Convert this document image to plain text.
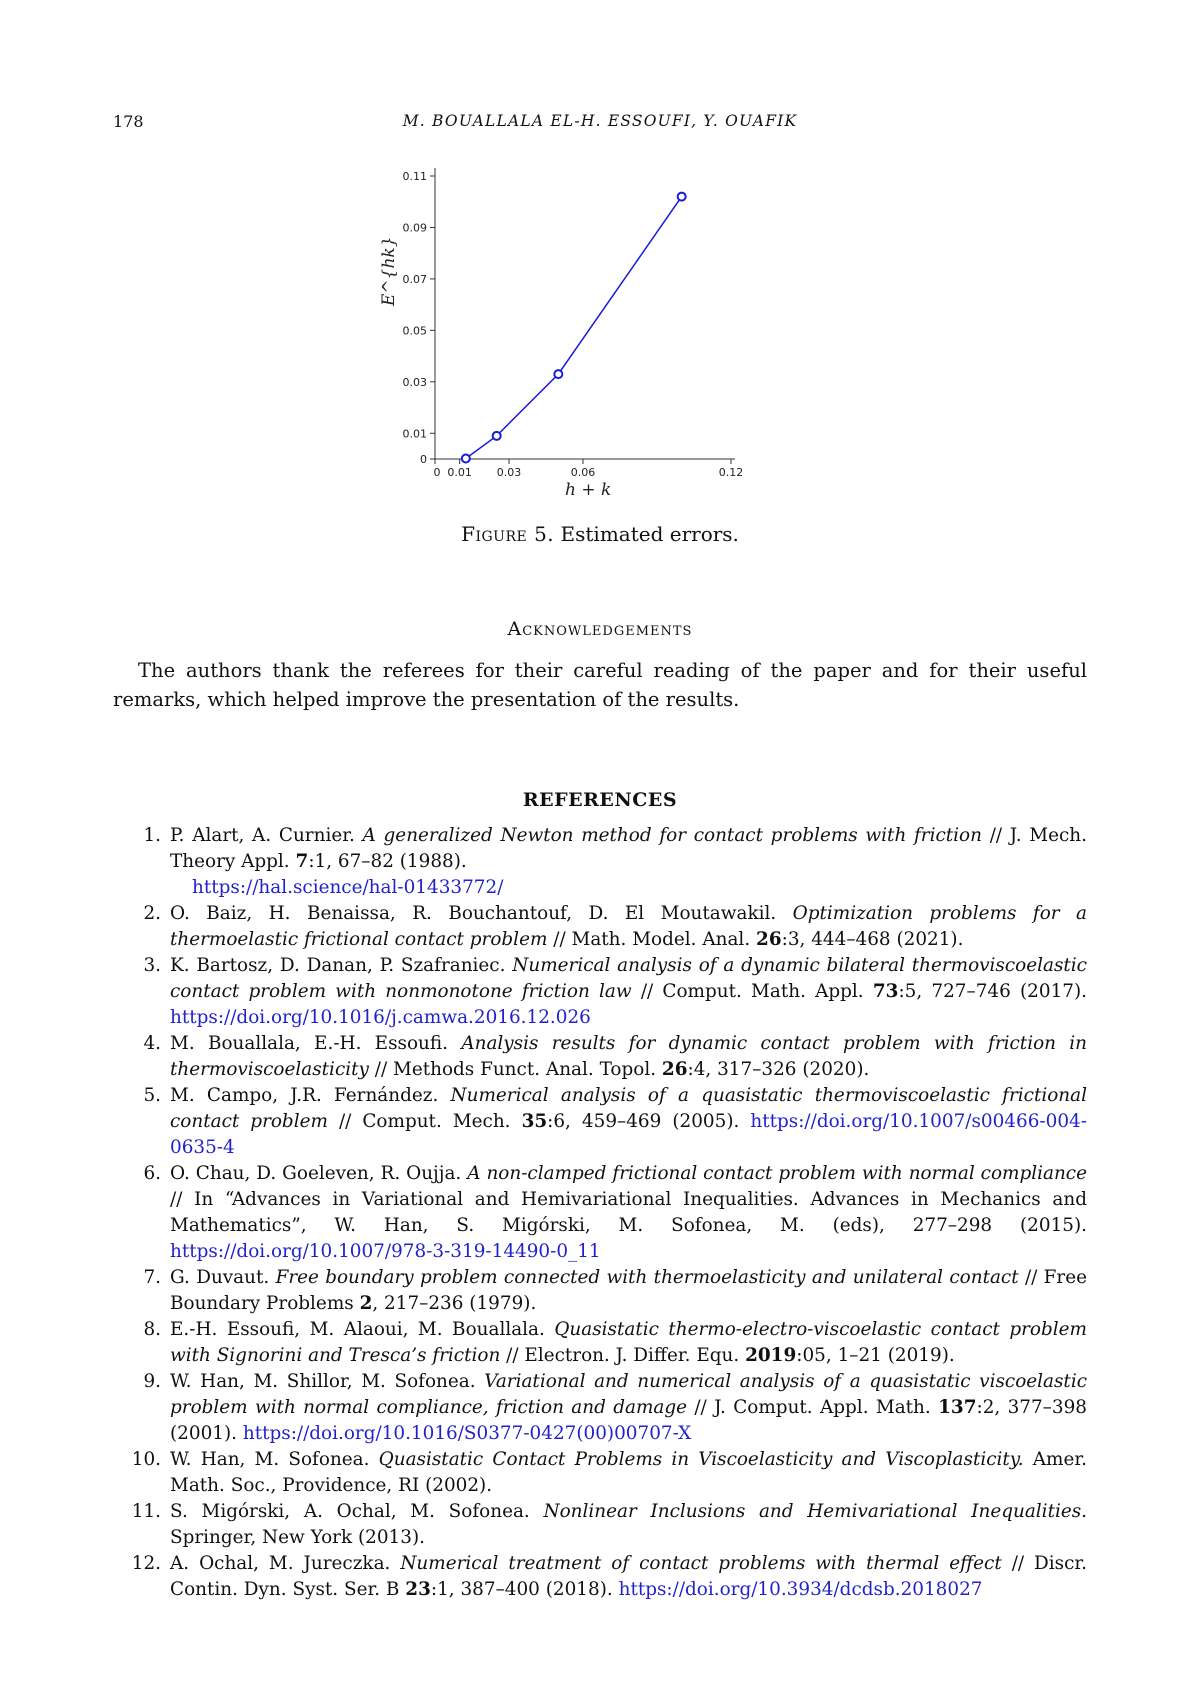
178	M. BOUALLALA EL-H. ESSOUFI, Y. OUAFIK
0
0.01
0.03
0.05
0.07
0.09
0.11
0 0.01 0.03	0.06	0.12
h + k
E^{hk}
Figure 5. Estimated errors.
Acknowledgements

The authors thank the referees for their careful reading of the paper and for their useful remarks, which helped improve the presentation of the results.

REFERENCES
1. P. Alart, A. Curnier. A generalized Newton method for contact problems with friction // J. Mech. Theory Appl. 7:1, 67–82 (1988).
https://hal.science/hal-01433772/
2. O. Baiz, H. Benaissa, R. Bouchantouf, D. El Moutawakil. Optimization problems for a thermoelastic frictional contact problem // Math. Model. Anal. 26:3, 444–468 (2021).
3. K. Bartosz, D. Danan, P. Szafraniec. Numerical analysis of a dynamic bilateral thermoviscoelastic contact problem with nonmonotone friction law // Comput. Math. Appl. 73:5, 727–746 (2017). https://doi.org/10.1016/j.camwa.2016.12.026
4. M. Bouallala, E.-H. Essoufi. Analysis results for dynamic contact problem with friction in thermoviscoelasticity // Methods Funct. Anal. Topol. 26:4, 317–326 (2020).
5. M. Campo, J.R. Fernández. Numerical analysis of a quasistatic thermoviscoelastic frictional contact problem // Comput. Mech. 35:6, 459–469 (2005). https://doi.org/10.1007/s00466-004-0635-4
6. O. Chau, D. Goeleven, R. Oujja. A non-clamped frictional contact problem with normal compliance // In “Advances in Variational and Hemivariational Inequalities. Advances in Mechanics and Mathematics”, W. Han, S. Migórski, M. Sofonea, M. (eds), 277–298 (2015). https://doi.org/10.1007/978-3-319-14490-0_11
7. G. Duvaut. Free boundary problem connected with thermoelasticity and unilateral contact // Free Boundary Problems 2, 217–236 (1979).
8. E.-H. Essoufi, M. Alaoui, M. Bouallala. Quasistatic thermo-electro-viscoelastic contact problem with Signorini and Tresca’s friction // Electron. J. Differ. Equ. 2019:05, 1–21 (2019).
9. W. Han, M. Shillor, M. Sofonea. Variational and numerical analysis of a quasistatic viscoelastic problem with normal compliance, friction and damage // J. Comput. Appl. Math. 137:2, 377–398 (2001). https://doi.org/10.1016/S0377-0427(00)00707-X
10. W. Han, M. Sofonea. Quasistatic Contact Problems in Viscoelasticity and Viscoplasticity. Amer. Math. Soc., Providence, RI (2002).
11. S. Migórski, A. Ochal, M. Sofonea. Nonlinear Inclusions and Hemivariational Inequalities. Springer, New York (2013).
12. A. Ochal, M. Jureczka. Numerical treatment of contact problems with thermal effect // Discr. Contin. Dyn. Syst. Ser. B 23:1, 387–400 (2018). https://doi.org/10.3934/dcdsb.2018027
